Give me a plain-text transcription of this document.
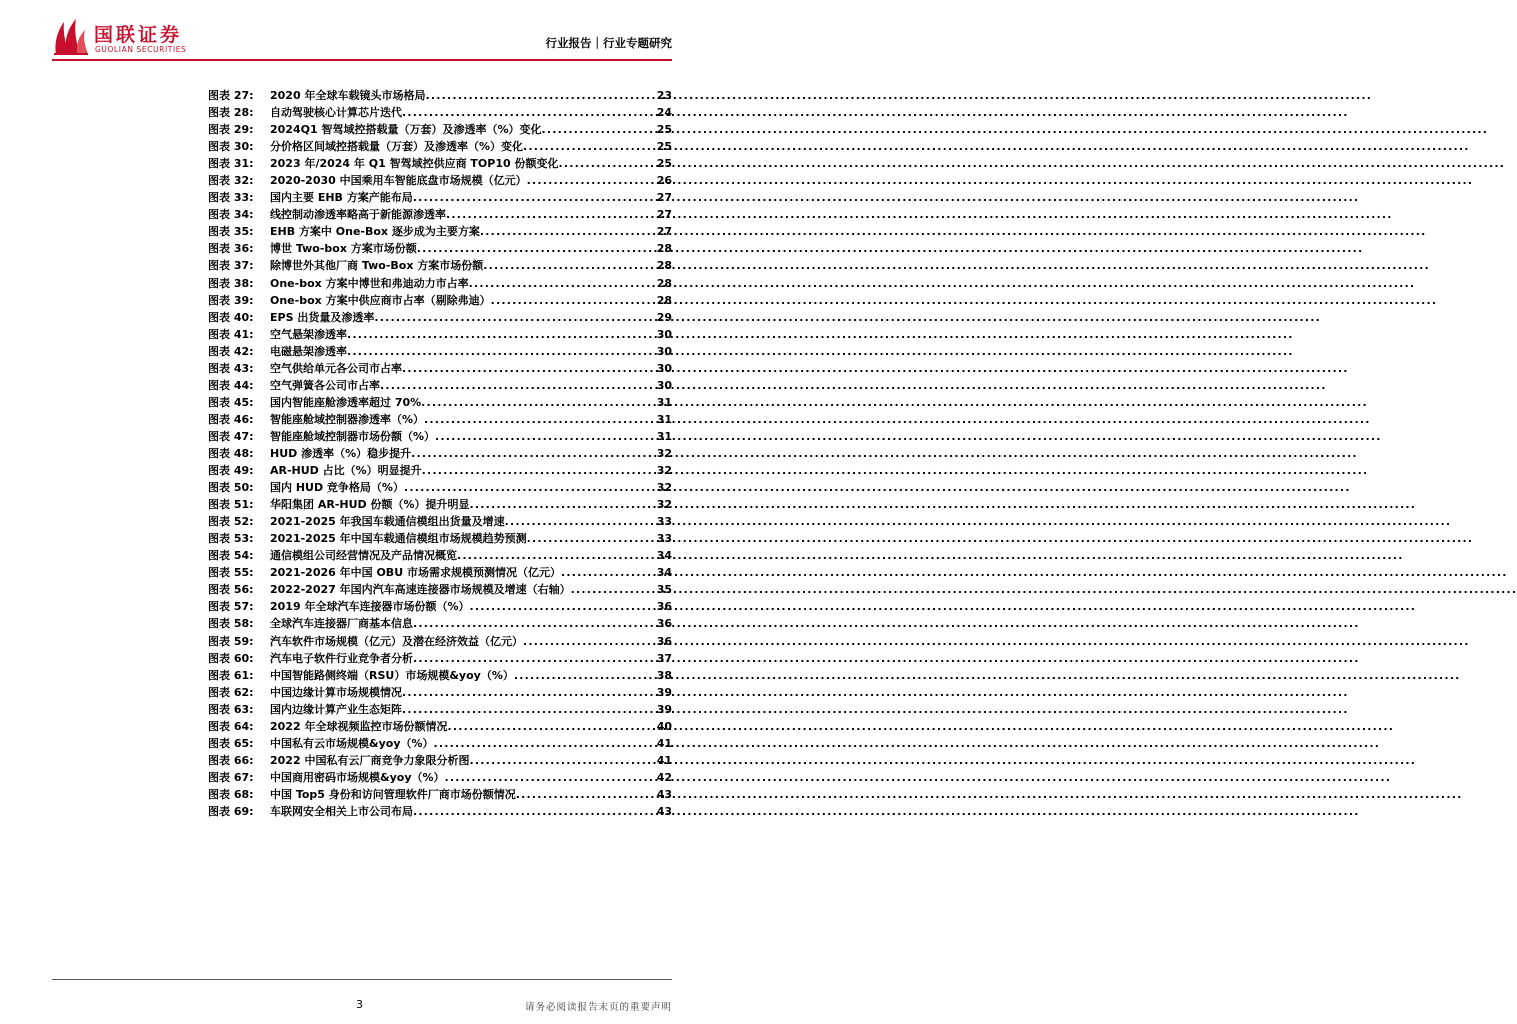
国联证券
GUOLIAN SECURITIES	行业报告｜行业专题研究
图表 27:	2020 年全球车载镜头市场格局 .....	23
图表 28:	自动驾驶核心计算芯片迭代 .....	24
图表 29:	2024Q1 智驾域控搭载量（万套）及渗透率（%）变化 .....	25
图表 30:	分价格区间域控搭载量（万套）及渗透率（%）变化 .....	25
图表 31:	2023 年/2024 年 Q1 智驾域控供应商 TOP10 份额变化 .....	25
图表 32:	2020-2030 中国乘用车智能底盘市场规模（亿元） .....	26
图表 33:	国内主要 EHB 方案产能布局 .....	27
图表 34:	线控制动渗透率略高于新能源渗透率 .....	27
图表 35:	EHB 方案中 One-Box 逐步成为主要方案 .....	27
图表 36:	博世 Two-box 方案市场份额 .....	28
图表 37:	除博世外其他厂商 Two-Box 方案市场份额 .....	28
图表 38:	One-box 方案中博世和弗迪动力市占率 .....	28
图表 39:	One-box 方案中供应商市占率（剔除弗迪） .....	28
图表 40:	EPS 出货量及渗透率 .....	29
图表 41:	空气悬架渗透率 .....	30
图表 42:	电磁悬架渗透率 .....	30
图表 43:	空气供给单元各公司市占率 .....	30
图表 44:	空气弹簧各公司市占率 .....	30
图表 45:	国内智能座舱渗透率超过 70% .....	31
图表 46:	智能座舱域控制器渗透率（%） .....	31
图表 47:	智能座舱域控制器市场份额（%） .....	31
图表 48:	HUD 渗透率（%）稳步提升 .....	32
图表 49:	AR-HUD 占比（%）明显提升 .....	32
图表 50:	国内 HUD 竞争格局（%） .....	32
图表 51:	华阳集团 AR-HUD 份额（%）提升明显 .....	32
图表 52:	2021-2025 年我国车载通信模组出货量及增速 .....	33
图表 53:	2021-2025 年中国车载通信模组市场规模趋势预测 .....	33
图表 54:	通信模组公司经营情况及产品情况概览 .....	34
图表 55:	2021-2026 年中国 OBU 市场需求规模预测情况（亿元） .....	34
图表 56:	2022-2027 年国内汽车高速连接器市场规模及增速（右轴） .....	35
图表 57:	2019 年全球汽车连接器市场份额（%） .....	36
图表 58:	全球汽车连接器厂商基本信息 .....	36
图表 59:	汽车软件市场规模（亿元）及潜在经济效益（亿元） .....	36
图表 60:	汽车电子软件行业竞争者分析 .....	37
图表 61:	中国智能路侧终端（RSU）市场规模&yoy（%） .....	38
图表 62:	中国边缘计算市场规模情况 .....	39
图表 63:	国内边缘计算产业生态矩阵 .....	39
图表 64:	2022 年全球视频监控市场份额情况 .....	40
图表 65:	中国私有云市场规模&yoy（%） .....	41
图表 66:	2022 中国私有云厂商竞争力象限分析图 .....	41
图表 67:	中国商用密码市场规模&yoy（%） .....	42
图表 68:	中国 Top5 身份和访问管理软件厂商市场份额情况 .....	43
图表 69:	车联网安全相关上市公司布局 .....	43
3	请务必阅读报告末页的重要声明
